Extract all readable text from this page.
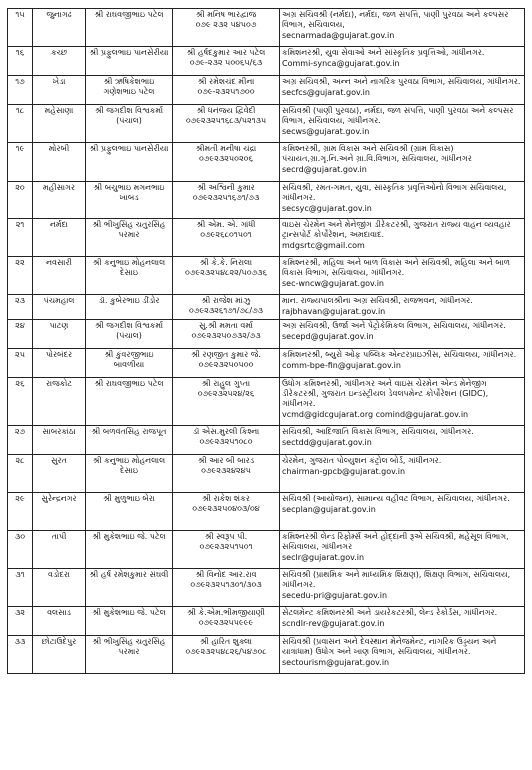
૧૫	જુનાગઢ	શ્રી રાઘવજીભાઇ પટેલ	શ્રી મનિષ ભારદ્વાજ
૦૭૯ ૨૩૨ ૫૪૫૦૭	અગ્ર સચિવશ્રી (નર્મદા), નર્મદા, જળ સંપત્તિ, પાણી પુરવઠા અને કલ્પસર વિભાગ, સચિવાલય,
secnarmada@gujarat.gov.in

૧૬	કચ્છ	શ્રી પ્રફુલભાઇ પાનસેરીયા	શ્રી હર્ષદકુમાર આર પટેલ
૦૭૯-૨૩૨ ૫૦૦૬૫/૬૩	કમિશનરશ્રી, યુવા સેવાઓ અને સાંસ્કૃતિક પ્રવૃત્તિઓ, ગાંધીનગર.
Commi-synca@gujarat.gov.in

૧૭	ખેડા	શ્રી ઋષિકેશભાઇ ગણેશભાઇ પટેલ	શ્રી રમેશચંદ મીના
૦૭૯-૨૩૨૫૧૭૦૦	અગ્ર સચિવશ્રી, અન્ન અને નાગરિક પુરવઠા વિભાગ, સચિવાલય, ગાંધીનગર.
secfcs@gujarat.gov.in

૧૮	મહેસાણા	શ્રી જગદીશ વિશ્વકર્મા (પંચાલ)	શ્રી ધનંજય દ્વિવેદી
૦૭૯૨૩૨૫૧૬૮૩/૫૨૧૩૫	સચિવશ્રી (પાણી પુરવઠા), નર્મદા, જળ સંપત્તિ, પાણી પુરવઠા અને કલ્પસર વિભાગ, સચિવાલય, ગાંધીનગર.
secws@gujarat.gov.in

૧૯	મોરબી	શ્રી પ્રફુલભાઇ પાનસેરીયા	શ્રીમતી મનીષા ચંદ્રા
૦૭૯૨૩૨૫૦૨૦૬	કમિશ્નરશ્રી, ગ્રામ વિકાસ અને સચિવશ્રી (ગ્રામ વિકાસ) પંચાયત,ગ્રા.ગૃ.નિ.અને ગ્રા.વિ.વિભાગ, સચિવાલય, ગાંધીનગર
secrd@gujarat.gov.in

૨૦	મહીસાગર	શ્રી બચુભાઇ મગનભાઇ ખાબડ	શ્રી અશ્વિની કુમાર
૦૭૯૨૩૨૫૧૬૭૧/૭૩	સચિવશ્રી, રમત-ગમત, યુવા, સાંસ્કૃતિક પ્રવૃત્તિઓનો વિભાગ સચિવાલય, ગાંધીનગર.
secsyc@gujarat.gov.in

૨૧	નર્મદા	શ્રી ભીખુસિંહ ચતુરસિંહ પરમાર	શ્રી એમ. એ. ગાંધી
૦૭૯૨૬૮૦૧૫૦૧	વાઇસ ચેરમેન અને મેનેજીંગ ડીરેકટરશ્રી, ગુજરાત રાજ્ય વાહન વ્યવહાર ટ્રાન્સપોર્ટ કોર્પોરેશન, અમદાવાદ.
mdgsrtc@gmail.com

૨૨	નવસારી	શ્રી કનુભાઇ મોહનલાલ દેસાઇ	શ્રી કે.કે. નિરાલા
૦૭૯૨૩૨૫૪૮૨૨/૫૦૭૩૬	કમિશ્નરશ્રી, મહિલા અને બાળ વિકાસ અને સચિવશ્રી, મહિલા અને બાળ વિકાસ વિભાગ, સચિવાલય, ગાંધીનગર.
sec-wncw@gujarat.gov.in

૨૩	પંચમહાલ	ડૉ. કુબેરભાઇ ડીંડોર	શ્રી રાજેશ માંઝુ
૦૭૯૨૩૨૬૧૭૧/૭૮/૭૩	માન. રાજ્યપાલશ્રીના અગ્ર સચિવશ્રી, રાજભવન, ગાંધીનગર.
rajbhavan@gujarat.gov.in

૨૪	પાટણ	શ્રી જગદીશ વિશ્વકર્મા (પંચાલ)	સુ.શ્રી મમતા વર્મા
૦૭૯૨૩૨૫૦૭૩૨/૭૩	અગ્ર સચિવશ્રી, ઉર્જા અને પેટ્રોકેમિકલ વિભાગ, સચિવાલય, ગાંધીનગર.
secepd@gujarat.gov.in

૨૫	પોરબંદર	શ્રી કુંવરજીભાઇ બાવળીયા	શ્રી રણજીત કુમાર જે.
૦૭૯૨૩૨૫૦૫૦૦	કમિશનરશ્રી, બ્યુરો ઓફ પબ્લિક એન્ટરપ્રાઇઝીસ, સચિવાલય, ગાંધીનગર.
comm-bpe-fin@gujarat.gov.in

૨૬	રાજકોટ	શ્રી રાઘવજીભાઇ પટેલ	શ્રી રાહુલ ગુપ્તા
૦૭૯૨૩૨૫૨૪/૨૬	ઉધોગ કમિશ્નરશ્રી, ગાંધીનગર અને વાઇસ ચેરમેન એન્ડ મેનેજીંગ ડીરેકટરશ્રી, ગુજરાત ઇન્ડસ્ટ્રીયલ ડેવલપમેન્ટ કોર્પોરેશન (GIDC), ગાંધીનગર.
vcmd@gidcgujarat.org comind@gujarat.gov.in

૨૭	સાબરકાંઠા	શ્રી બળવંતસિંહ રાજપૂત	ડૉ એસ.મુરલી કિશ્ના
૦૭૯૨૩૨૫૧૦૮૦	સચિવશ્રી, આદિજાતિ વિકાસ વિભાગ, સચિવાલય, ગાંધીનગર.
sectdd@gujarat.gov.in

૨૮	સુરત	શ્રી કનુભાઇ મોહનલાલ દેસાઇ	શ્રી આર બી બારડ
૦૭૯૨૩૨૪૨૪૫	ચેરમેન, ગુજરાત પોલ્યુશન કંટ્રોલ બોર્ડ, ગાંધીનગર.
chairman-gpcb@gujarat.gov.in

૨૯	સુરેન્દ્રનગર	શ્રી મુળુભાઇ બેરા	શ્રી રાકેશ શંકર
૦૭૯૨૩૨૫૦૪૦૩/૦૪	સચિવશ્રી (આયોજન), સામાન્ય વહીવટ વિભાગ, સચિવાલય, ગાંધીનગર.
secplan@gujarat.gov.in

૩૦	તાપી	શ્રી મુકેશભાઇ જે. પટેલ	શ્રી સ્વરૂપ પી.
૦૭૯૨૩૨૫૧૫૦૧	કમિશ્નરશ્રી લેન્ડ રિફોર્મ્સ અને હોદ્દાની રૂએ સચિવશ્રી, મહેસૂલ વિભાગ, સચિવાલય, ગાંધીનગર
seclr@gujarat.gov.in

૩૧	વડોદરા	શ્રી હર્ષ રમેશકુમાર સંઘવી	શ્રી વિનોદ આર.રાવ
૦૭૯૨૩૨૫૧૩૦૧/૩૦૩	સચિવશ્રી (પ્રાથમિક અને માધ્યમિક શિક્ષણ), શિક્ષણ વિભાગ, સચિવાલય, ગાંધીનગર.
secedu-pri@gujarat.gov.in

૩૨	વલસાડ	શ્રી મુકેશભાઇ જે. પટેલ	શ્રી કે.એમ.ભીમજીયાણી
૦૭૯૨૩૨૫૫૯૯૯	સેટલમેન્ટ કમિશનરશ્રી અને ડાયરેકટરશ્રી, લેન્ડ રેકોર્ડસ, ગાંધીનગર.
scndlr-rev@gujarat.gov.in

૩૩	છોટાઉદેપુર	શ્રી ભીખુસિંહ ચતુરસિંહ પરમાર	શ્રી હારિત શુક્લા
૦૭૯૨૩૨૫૪૮૨૬/૫૪૭૦૮	સચિવશ્રી (પ્રવાસન અને દેવસ્થાન મેનેજમેન્ટ, નાગરિક ઉડ્ડયન અને યાત્રાધામ) ઉધોગ અને ખાણ વિભાગ, સચિવાલય, ગાંધીનગર.
sectourism@gujarat.gov.in
